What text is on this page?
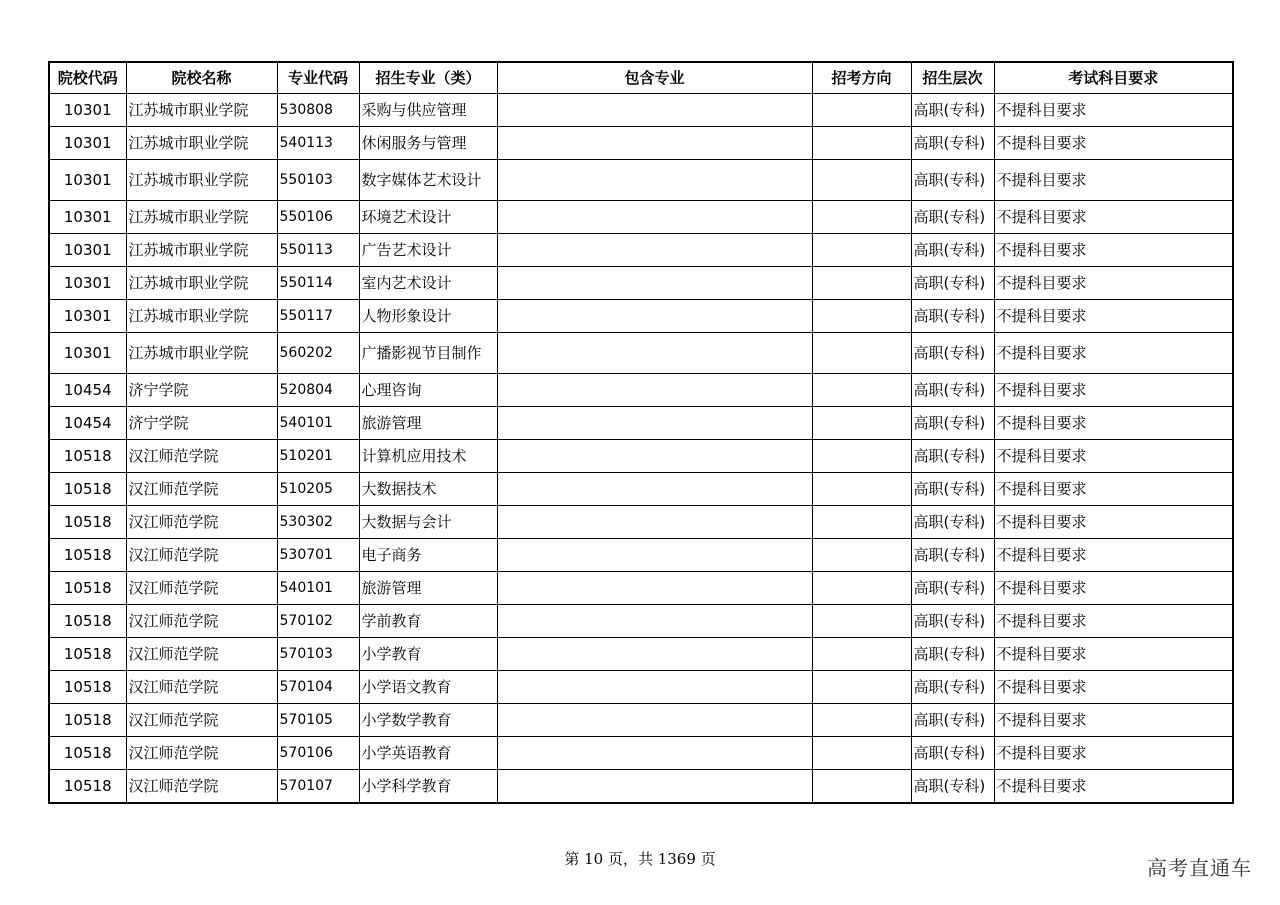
院校代码	院校名称	专业代码	招生专业（类）	包含专业	招考方向	招生层次	考试科目要求
10301	江苏城市职业学院	530808	采购与供应管理			高职(专科)	不提科目要求
10301	江苏城市职业学院	540113	休闲服务与管理			高职(专科)	不提科目要求
10301	江苏城市职业学院	550103	数字媒体艺术设计			高职(专科)	不提科目要求
10301	江苏城市职业学院	550106	环境艺术设计			高职(专科)	不提科目要求
10301	江苏城市职业学院	550113	广告艺术设计			高职(专科)	不提科目要求
10301	江苏城市职业学院	550114	室内艺术设计			高职(专科)	不提科目要求
10301	江苏城市职业学院	550117	人物形象设计			高职(专科)	不提科目要求
10301	江苏城市职业学院	560202	广播影视节目制作			高职(专科)	不提科目要求
10454	济宁学院	520804	心理咨询			高职(专科)	不提科目要求
10454	济宁学院	540101	旅游管理			高职(专科)	不提科目要求
10518	汉江师范学院	510201	计算机应用技术			高职(专科)	不提科目要求
10518	汉江师范学院	510205	大数据技术			高职(专科)	不提科目要求
10518	汉江师范学院	530302	大数据与会计			高职(专科)	不提科目要求
10518	汉江师范学院	530701	电子商务			高职(专科)	不提科目要求
10518	汉江师范学院	540101	旅游管理			高职(专科)	不提科目要求
10518	汉江师范学院	570102	学前教育			高职(专科)	不提科目要求
10518	汉江师范学院	570103	小学教育			高职(专科)	不提科目要求
10518	汉江师范学院	570104	小学语文教育			高职(专科)	不提科目要求
10518	汉江师范学院	570105	小学数学教育			高职(专科)	不提科目要求
10518	汉江师范学院	570106	小学英语教育			高职(专科)	不提科目要求
10518	汉江师范学院	570107	小学科学教育			高职(专科)	不提科目要求
第 10 页，共 1369 页	高考直通车
